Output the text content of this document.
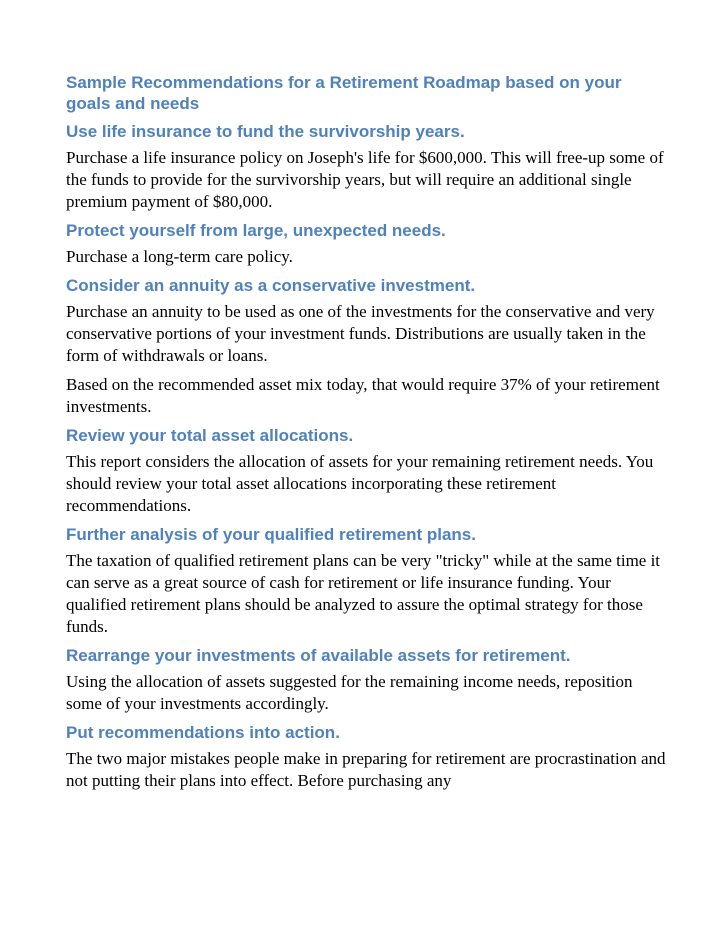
Sample Recommendations for a Retirement Roadmap based on your goals and needs
Use life insurance to fund the survivorship years.
Purchase a life insurance policy on Joseph's life for $600,000. This will free-up some of the funds to provide for the survivorship years, but will require an additional single premium payment of $80,000.
Protect yourself from large, unexpected needs.
Purchase a long-term care policy.
Consider an annuity as a conservative investment.
Purchase an annuity to be used as one of the investments for the conservative and very conservative portions of your investment funds. Distributions are usually taken in the form of withdrawals or loans.
Based on the recommended asset mix today, that would require 37% of your retirement investments.
Review your total asset allocations.
This report considers the allocation of assets for your remaining retirement needs. You should review your total asset allocations incorporating these retirement recommendations.
Further analysis of your qualified retirement plans.
The taxation of qualified retirement plans can be very "tricky" while at the same time it can serve as a great source of cash for retirement or life insurance funding. Your qualified retirement plans should be analyzed to assure the optimal strategy for those funds.
Rearrange your investments of available assets for retirement.
Using the allocation of assets suggested for the remaining income needs, reposition some of your investments accordingly.
Put recommendations into action.
The two major mistakes people make in preparing for retirement are procrastination and not putting their plans into effect. Before purchasing any
